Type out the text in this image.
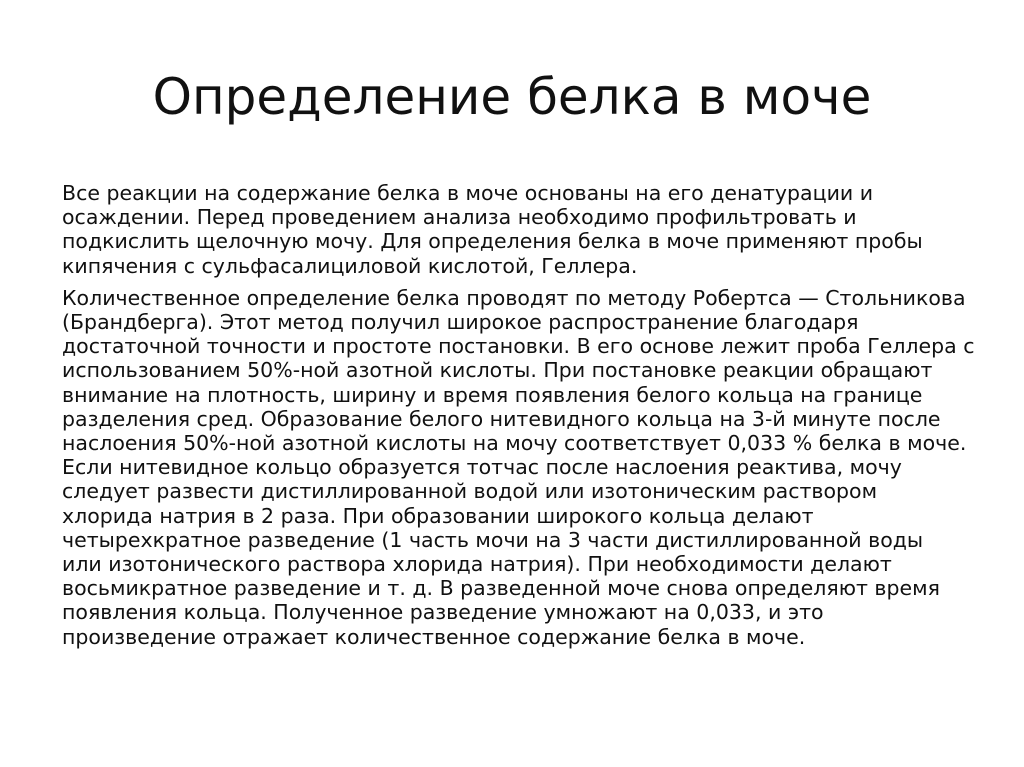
Определение белка в моче

Все реакции на содержание белка в моче основаны на его денатурации и
осаждении. Перед проведением анализа необходимо профильтровать и
подкислить щелочную мочу. Для определения белка в моче применяют пробы
кипячения с сульфасалициловой кислотой, Геллера.

Количественное определение белка проводят по методу Робертса — Стольникова
(Брандберга). Этот метод получил широкое распространение благодаря
достаточной точности и простоте постановки. В его основе лежит проба Геллера с
использованием 50%-ной азотной кислоты. При постановке реакции обращают
внимание на плотность, ширину и время появления белого кольца на границе
разделения сред. Образование белого нитевидного кольца на 3-й минуте после
наслоения 50%-ной азотной кислоты на мочу соответствует 0,033 % белка в моче.
Если нитевидное кольцо образуется тотчас после наслоения реактива, мочу
следует развести дистиллированной водой или изотоническим раствором
хлорида натрия в 2 раза. При образовании широкого кольца делают
четырехкратное разведение (1 часть мочи на 3 части дистиллированной воды
или изотонического раствора хлорида натрия). При необходимости делают
восьмикратное разведение и т. д. В разведенной моче снова определяют время
появления кольца. Полученное разведение умножают на 0,033, и это
произведение отражает количественное содержание белка в моче.
